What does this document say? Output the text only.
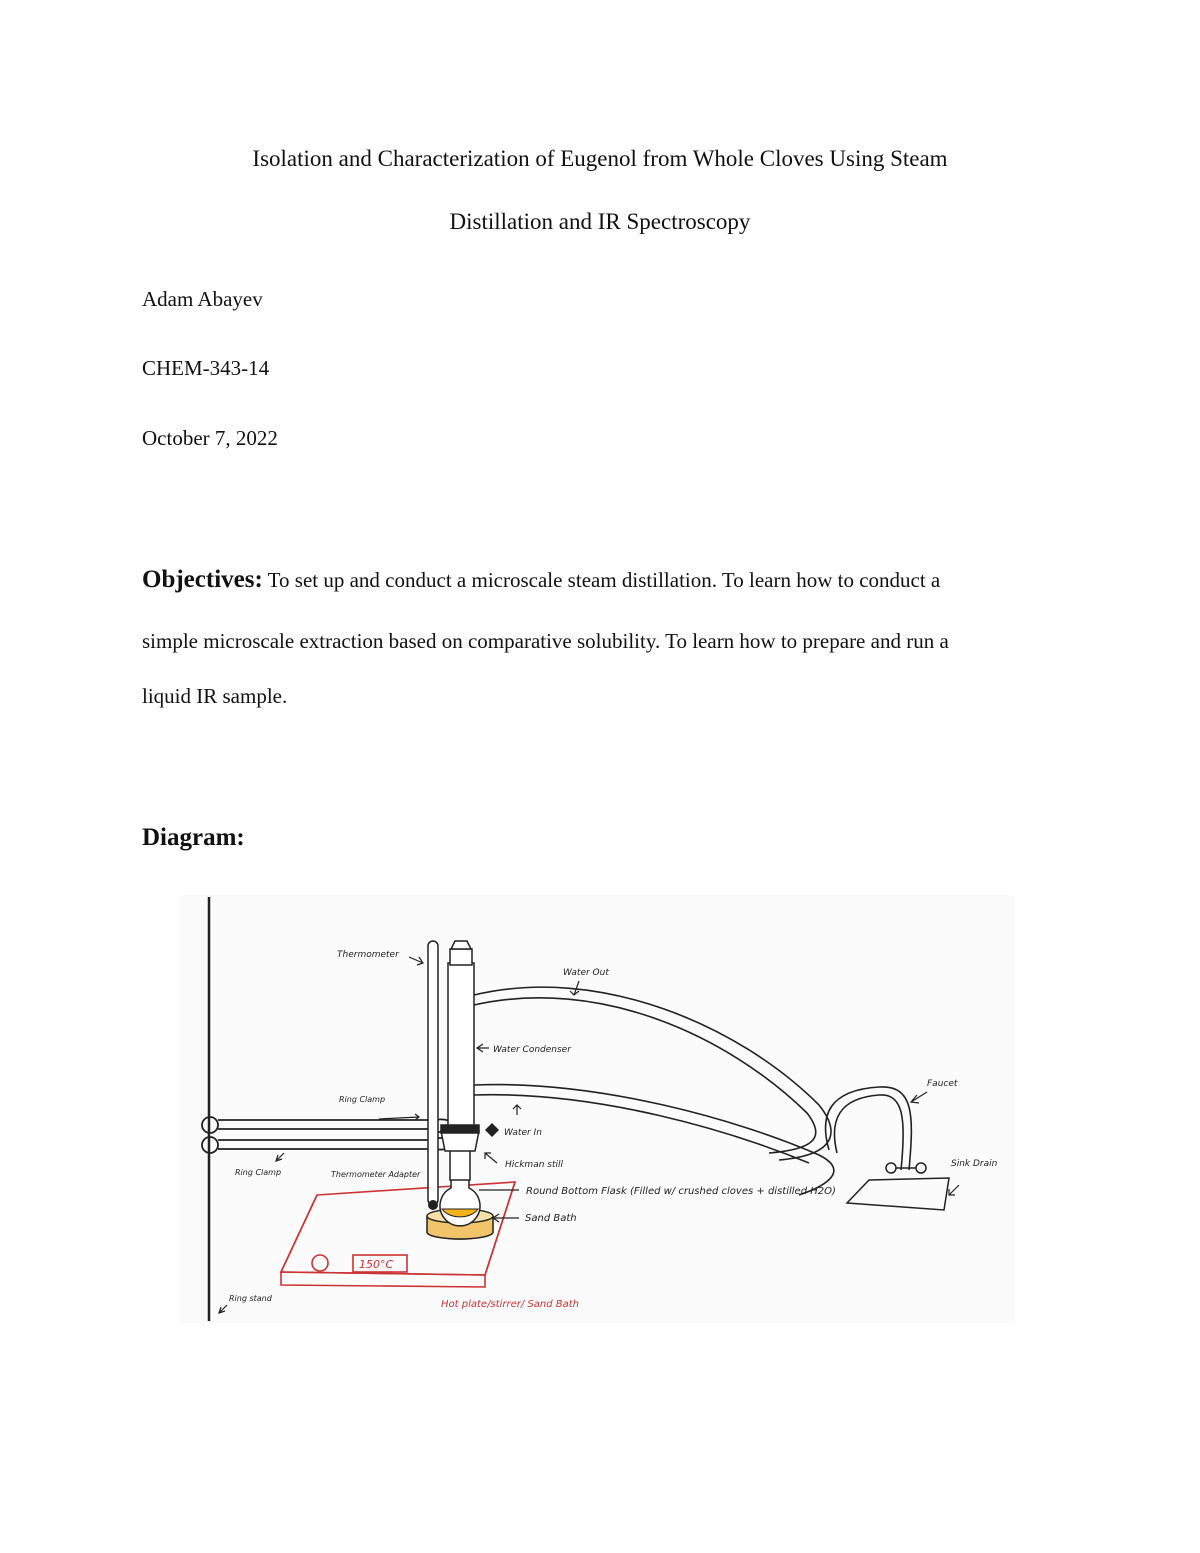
Isolation and Characterization of Eugenol from Whole Cloves Using Steam
Distillation and IR Spectroscopy
Adam Abayev
CHEM-343-14
October 7, 2022
Objectives: To set up and conduct a microscale steam distillation. To learn how to conduct a
simple microscale extraction based on comparative solubility. To learn how to prepare and run a
liquid IR sample.
Diagram:
150°C
Thermometer
Water Out
Water Condenser
Faucet
Ring Clamp
Water In
Hickman still	Sink Drain
Ring Clamp	Thermometer Adapter
Round Bottom Flask (Filled w/ crushed cloves + distilled H2O)
Sand Bath
Ring stand
Hot plate/stirrer/ Sand Bath
